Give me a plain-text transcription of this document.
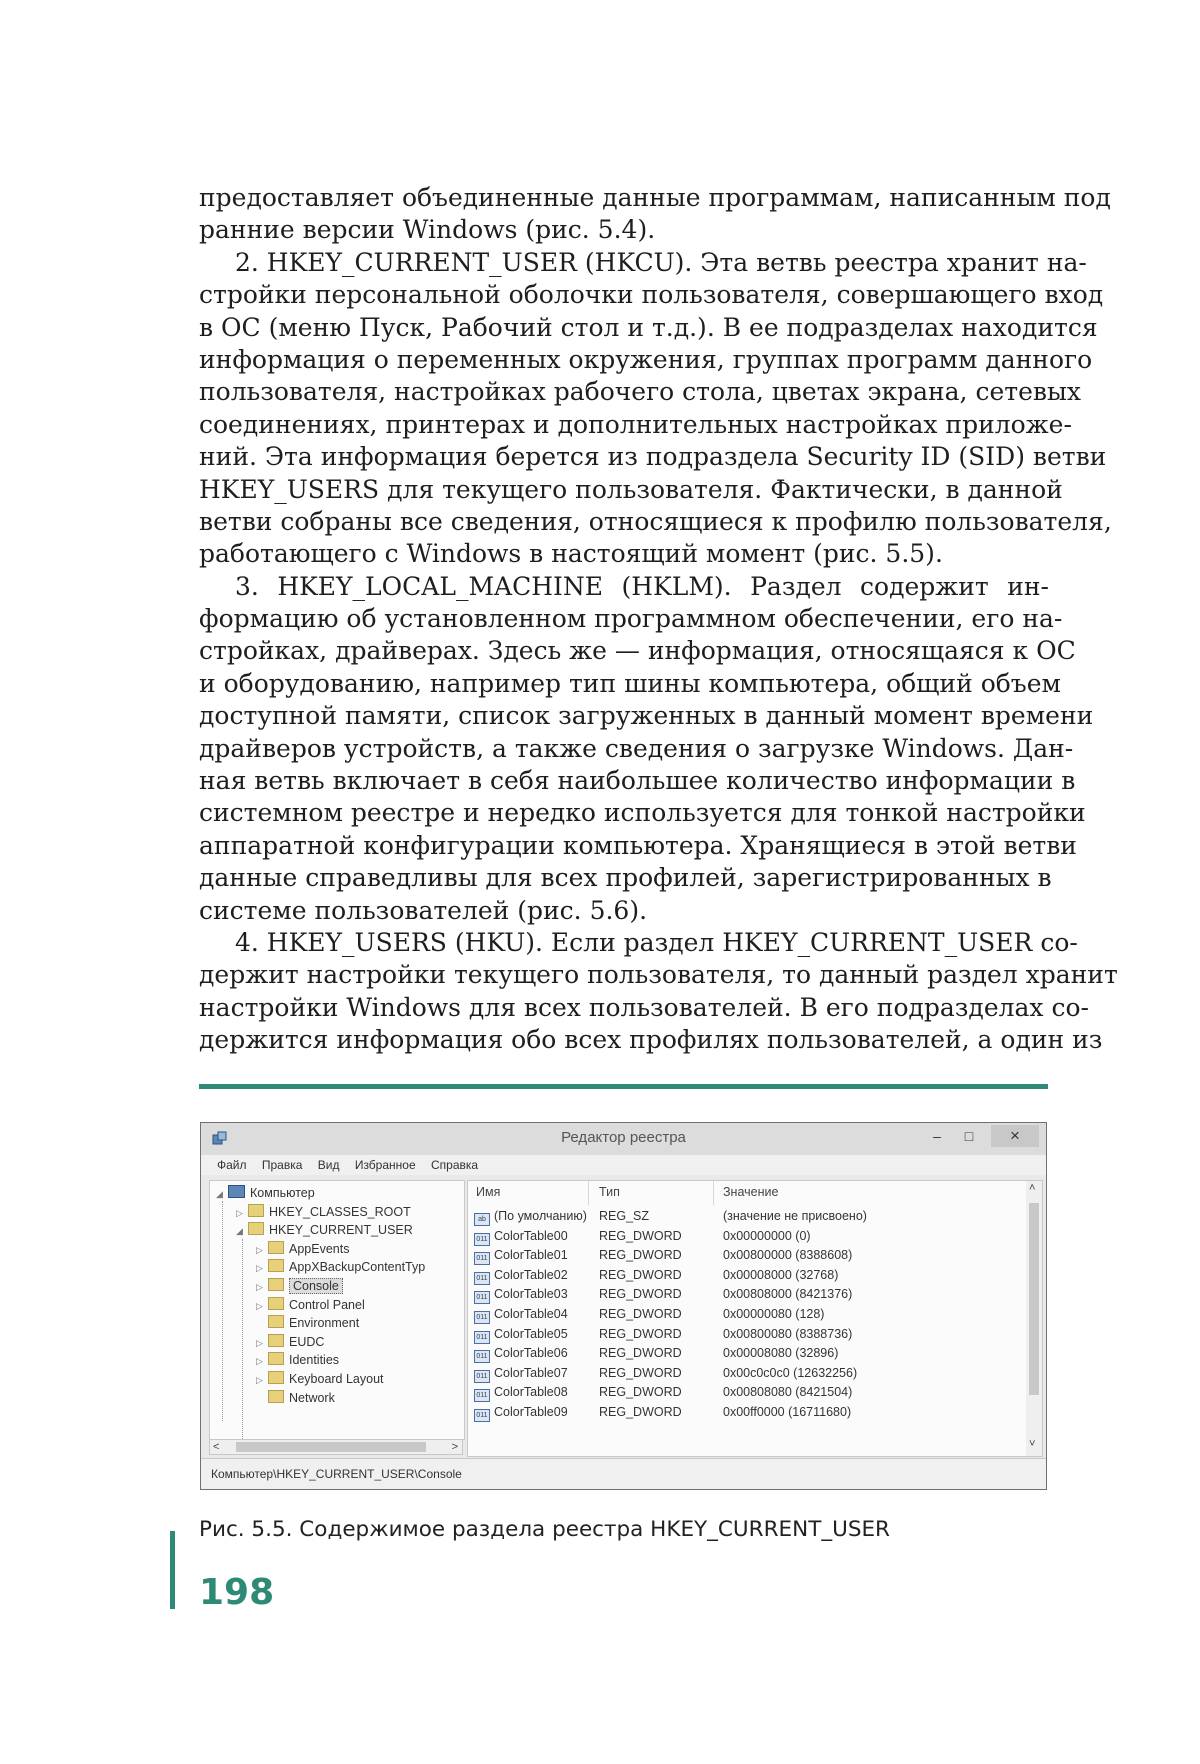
предоставляет объединенные данные программам, написанным под
ранние версии Windows (рис. 5.4).
2. HKEY_CURRENT_USER (HKCU). Эта ветвь реестра хранит на-
стройки персональной оболочки пользователя, совершающего вход
в ОС (меню Пуск, Рабочий стол и т.д.). В ее подразделах находится
информация о переменных окружения, группах программ данного
пользователя, настройках рабочего стола, цветах экрана, сетевых
соединениях, принтерах и дополнительных настройках приложе-
ний. Эта информация берется из подраздела Security ID (SID) ветви
HKEY_USERS для текущего пользователя. Фактически, в данной
ветви собраны все сведения, относящиеся к профилю пользователя,
работающего с Windows в настоящий момент (рис. 5.5).
3. HKEY_LOCAL_MACHINE (HKLM). Раздел содержит ин-
формацию об установленном программном обеспечении, его на-
стройках, драйверах. Здесь же — информация, относящаяся к ОС
и оборудованию, например тип шины компьютера, общий объем
доступной памяти, список загруженных в данный момент времени
драйверов устройств, а также сведения о загрузке Windows. Дан-
ная ветвь включает в себя наибольшее количество информации в
системном реестре и нередко используется для тонкой настройки
аппаратной конфигурации компьютера. Хранящиеся в этой ветви
данные справедливы для всех профилей, зарегистрированных в
системе пользователей (рис. 5.6).
4. HKEY_USERS (HKU). Если раздел HKEY_CURRENT_USER со-
держит настройки текущего пользователя, то данный раздел хранит
настройки Windows для всех пользователей. В его подразделах со-
держится информация обо всех профилях пользователей, а один из
Редактор реестра	–	□	×
Файл Правка Вид Избранное Справка
◢ Компьютер
▷ HKEY_CLASSES_ROOT
◢ HKEY_CURRENT_USER
▷ AppEvents
▷ AppXBackupContentTyp
▷ Console
▷ Control Panel
Environment
▷ EUDC
▷ Identities
▷ Keyboard Layout
Network
<	>
Имя	Тип	Значение	˄
˅
ab (По умолчанию) REG_SZ	(значение не присвоено)
011 ColorTable00	REG_DWORD	0x00000000 (0)
011 ColorTable01	REG_DWORD	0x00800000 (8388608)
011 ColorTable02	REG_DWORD	0x00008000 (32768)
011 ColorTable03	REG_DWORD	0x00808000 (8421376)
011 ColorTable04	REG_DWORD	0x00000080 (128)
011 ColorTable05	REG_DWORD	0x00800080 (8388736)
011 ColorTable06	REG_DWORD	0x00008080 (32896)
011 ColorTable07	REG_DWORD	0x00c0c0c0 (12632256)
011 ColorTable08	REG_DWORD	0x00808080 (8421504)
011 ColorTable09	REG_DWORD	0x00ff0000 (16711680)
Компьютер\HKEY_CURRENT_USER\Console
Рис. 5.5. Содержимое раздела реестра HKEY_CURRENT_USER
198
